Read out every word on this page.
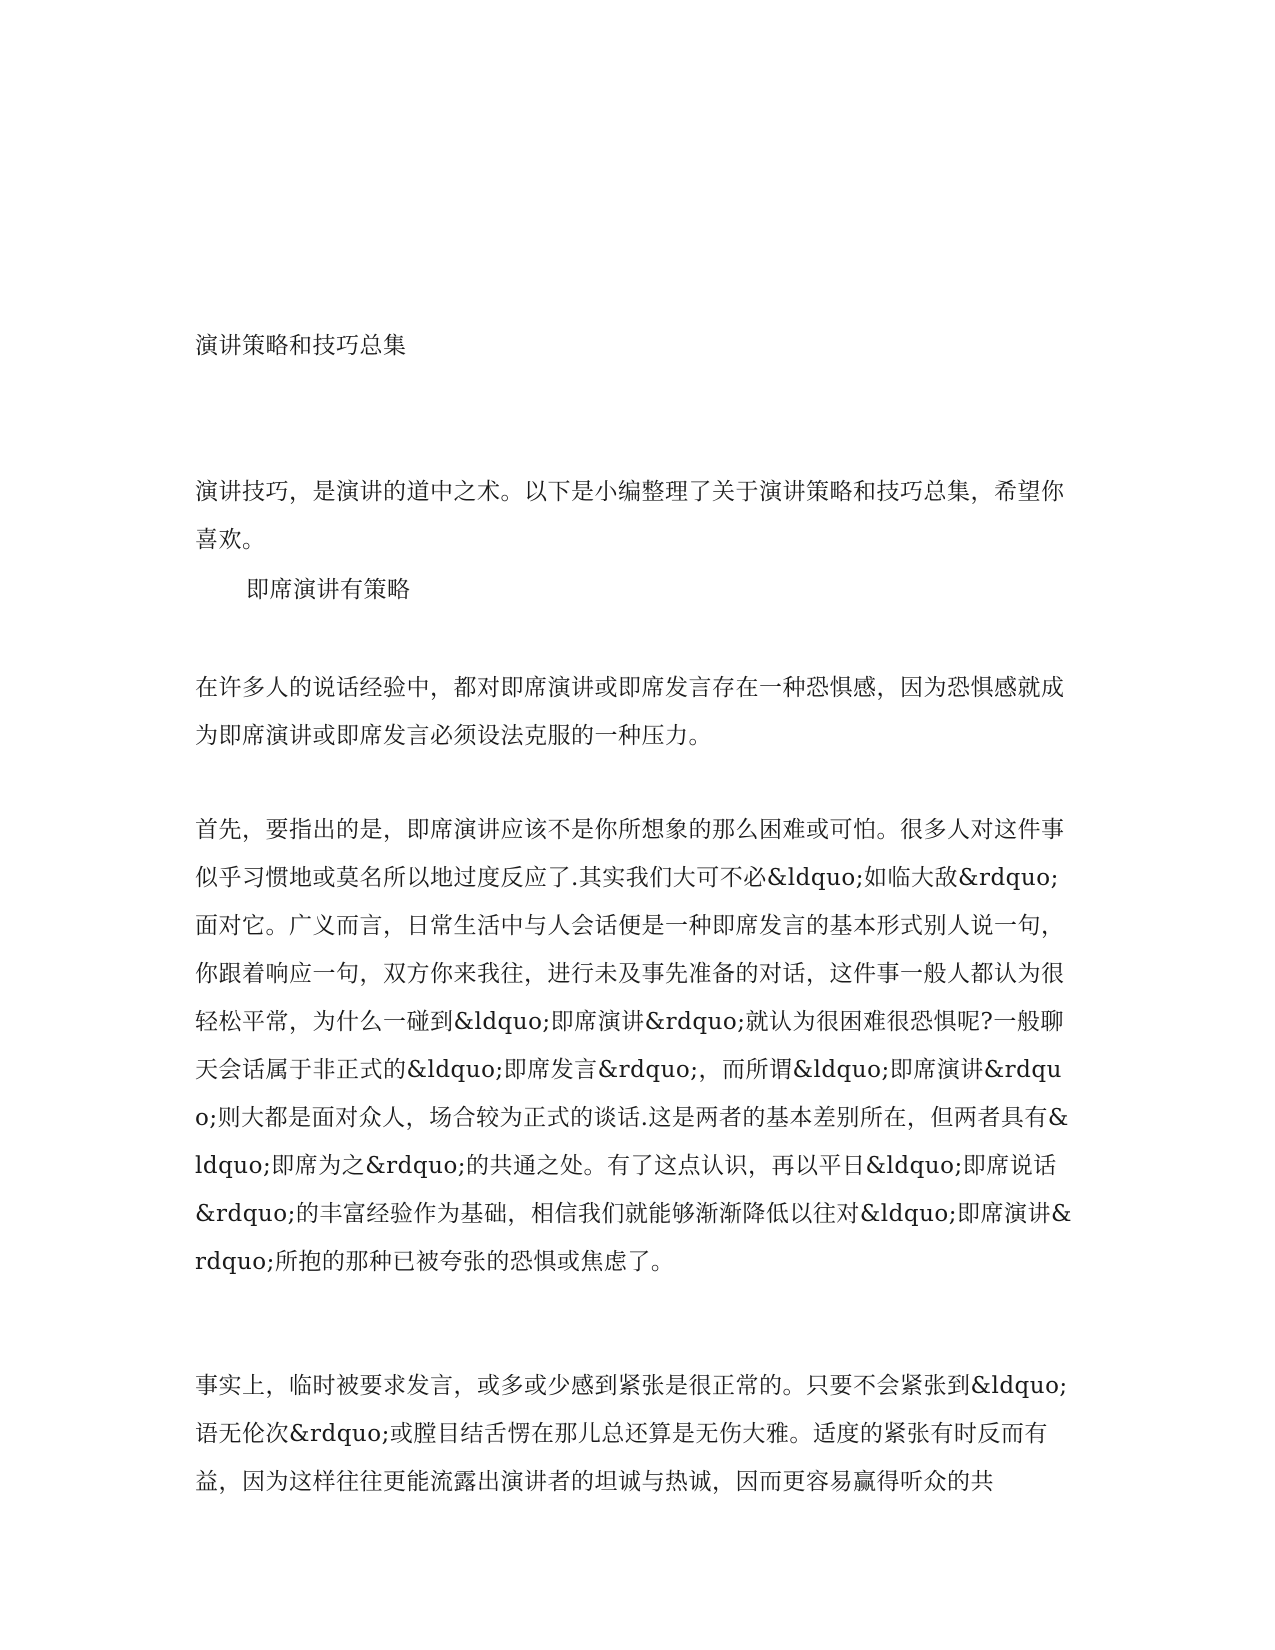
演讲策略和技巧总集

演讲技巧，是演讲的道中之术。以下是小编整理了关于演讲策略和技巧总集，希望你喜欢。

即席演讲有策略

在许多人的说话经验中，都对即席演讲或即席发言存在一种恐惧感，因为恐惧感就成为即席演讲或即席发言必须设法克服的一种压力。

首先，要指出的是，即席演讲应该不是你所想象的那么困难或可怕。很多人对这件事似乎习惯地或莫名所以地过度反应了.其实我们大可不必&ldquo;如临大敌&rdquo;面对它。广义而言，日常生活中与人会话便是一种即席发言的基本形式别人说一句，你跟着响应一句，双方你来我往，进行未及事先准备的对话，这件事一般人都认为很轻松平常，为什么一碰到&ldquo;即席演讲&rdquo;就认为很困难很恐惧呢?一般聊天会话属于非正式的&ldquo;即席发言&rdquo;，而所谓&ldquo;即席演讲&rdquo;则大都是面对众人，场合较为正式的谈话.这是两者的基本差别所在，但两者具有&ldquo;即席为之&rdquo;的共通之处。有了这点认识，再以平日&ldquo;即席说话&rdquo;的丰富经验作为基础，相信我们就能够渐渐降低以往对&ldquo;即席演讲&rdquo;所抱的那种已被夸张的恐惧或焦虑了。

事实上，临时被要求发言，或多或少感到紧张是很正常的。只要不会紧张到&ldquo;语无伦次&rdquo;或膛目结舌愣在那儿总还算是无伤大雅。适度的紧张有时反而有益，因为这样往往更能流露出演讲者的坦诚与热诚，因而更容易赢得听众的共
